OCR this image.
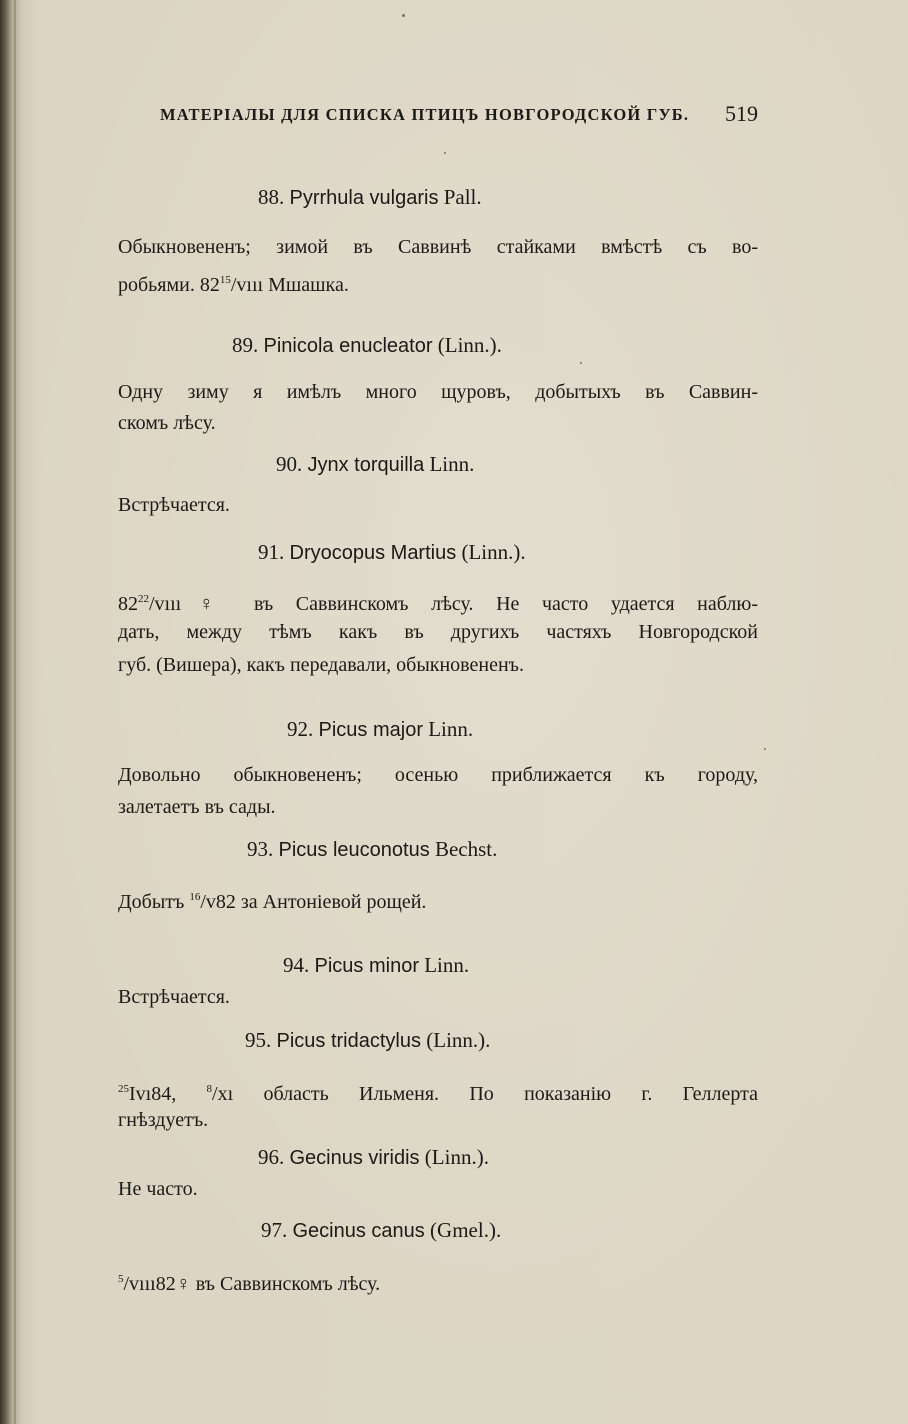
МАТЕРІАЛЫ ДЛЯ СПИСКА ПТИЦЪ НОВГОРОДСКОЙ ГУБ. 519
88. Pyrrhula vulgaris Pall.
Обыкновененъ; зимой въ Саввинѣ стайками вмѣстѣ съ во-
робьями. $82^{15}$/vııı Мшашка.
89. Pinicola enucleator (Linn.).
Одну зиму я имѣлъ много щуровъ, добытыхъ въ Саввин-
скомъ лѣсу.
90. Jynx torquilla Linn.
Встрѣчается.
91. Dryocopus Martius (Linn.).
$82^{22}/vııı♀$ въ Саввинскомъ лѣсу. Не часто удается наблю-
дать, между тѣмъ какъ въ другихъ частяхъ Новгородской
губ. (Вишера), какъ передавали, обыкновененъ.
92. Picus major Linn.
Довольно обыкновененъ; осенью приближается къ городу,
залетаетъ въ сады.
93. Picus leuconotus Bechst.
Добытъ $^{16}$/v82 за Антоніевой рощей.
94. Picus minor Linn.
Встрѣчается.
95. Picus tridactylus (Linn.).
$^{25}$Ivı84,	$^8$/xı область Ильменя. По показанію г. Геллерта
гнѣздуетъ.
96. Gecinus viridis (Linn.).
Не часто.
97. Gecinus canus (Gmel.).
$^5$/vııı82♀ въ Саввинскомъ лѣсу.
